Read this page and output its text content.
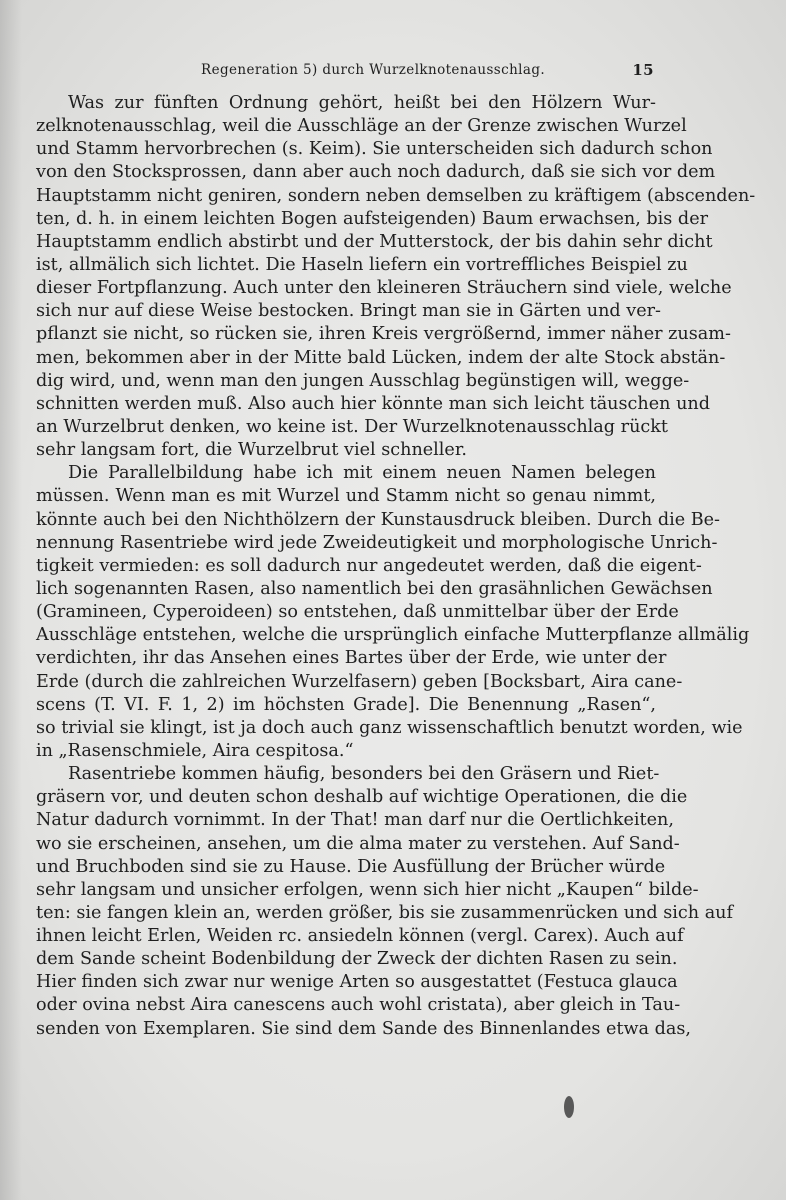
Regeneration 5) durch Wurzelknotenausschlag.	15
Was zur fünften Ordnung gehört, heißt bei den Hölzern Wur-
zelknotenausschlag, weil die Ausschläge an der Grenze zwischen Wurzel
und Stamm hervorbrechen (s. Keim). Sie unterscheiden sich dadurch schon
von den Stocksprossen, dann aber auch noch dadurch, daß sie sich vor dem
Hauptstamm nicht geniren, sondern neben demselben zu kräftigem (abscenden-
ten, d. h. in einem leichten Bogen aufsteigenden) Baum erwachsen, bis der
Hauptstamm endlich abstirbt und der Mutterstock, der bis dahin sehr dicht
ist, allmälich sich lichtet. Die Haseln liefern ein vortreffliches Beispiel zu
dieser Fortpflanzung. Auch unter den kleineren Sträuchern sind viele, welche
sich nur auf diese Weise bestocken. Bringt man sie in Gärten und ver-
pflanzt sie nicht, so rücken sie, ihren Kreis vergrößernd, immer näher zusam-
men, bekommen aber in der Mitte bald Lücken, indem der alte Stock abstän-
dig wird, und, wenn man den jungen Ausschlag begünstigen will, wegge-
schnitten werden muß. Also auch hier könnte man sich leicht täuschen und
an Wurzelbrut denken, wo keine ist. Der Wurzelknotenausschlag rückt
sehr langsam fort, die Wurzelbrut viel schneller.
Die Parallelbildung habe ich mit einem neuen Namen belegen
müssen. Wenn man es mit Wurzel und Stamm nicht so genau nimmt,
könnte auch bei den Nichthölzern der Kunstausdruck bleiben. Durch die Be-
nennung Rasentriebe wird jede Zweideutigkeit und morphologische Unrich-
tigkeit vermieden: es soll dadurch nur angedeutet werden, daß die eigent-
lich sogenannten Rasen, also namentlich bei den grasähnlichen Gewächsen
(Gramineen, Cyperoideen) so entstehen, daß unmittelbar über der Erde
Ausschläge entstehen, welche die ursprünglich einfache Mutterpflanze allmälig
verdichten, ihr das Ansehen eines Bartes über der Erde, wie unter der
Erde (durch die zahlreichen Wurzelfasern) geben [Bocksbart, Aira cane-
scens (T. VI. F. 1, 2) im höchsten Grade]. Die Benennung „Rasen“,
so trivial sie klingt, ist ja doch auch ganz wissenschaftlich benutzt worden, wie
in „Rasenschmiele, Aira cespitosa.“
Rasentriebe kommen häufig, besonders bei den Gräsern und Riet-
gräsern vor, und deuten schon deshalb auf wichtige Operationen, die die
Natur dadurch vornimmt. In der That! man darf nur die Oertlichkeiten,
wo sie erscheinen, ansehen, um die alma mater zu verstehen. Auf Sand-
und Bruchboden sind sie zu Hause. Die Ausfüllung der Brücher würde
sehr langsam und unsicher erfolgen, wenn sich hier nicht „Kaupen“ bilde-
ten: sie fangen klein an, werden größer, bis sie zusammenrücken und sich auf
ihnen leicht Erlen, Weiden rc. ansiedeln können (vergl. Carex). Auch auf
dem Sande scheint Bodenbildung der Zweck der dichten Rasen zu sein.
Hier finden sich zwar nur wenige Arten so ausgestattet (Festuca glauca
oder ovina nebst Aira canescens auch wohl cristata), aber gleich in Tau-
senden von Exemplaren. Sie sind dem Sande des Binnenlandes etwa das,
